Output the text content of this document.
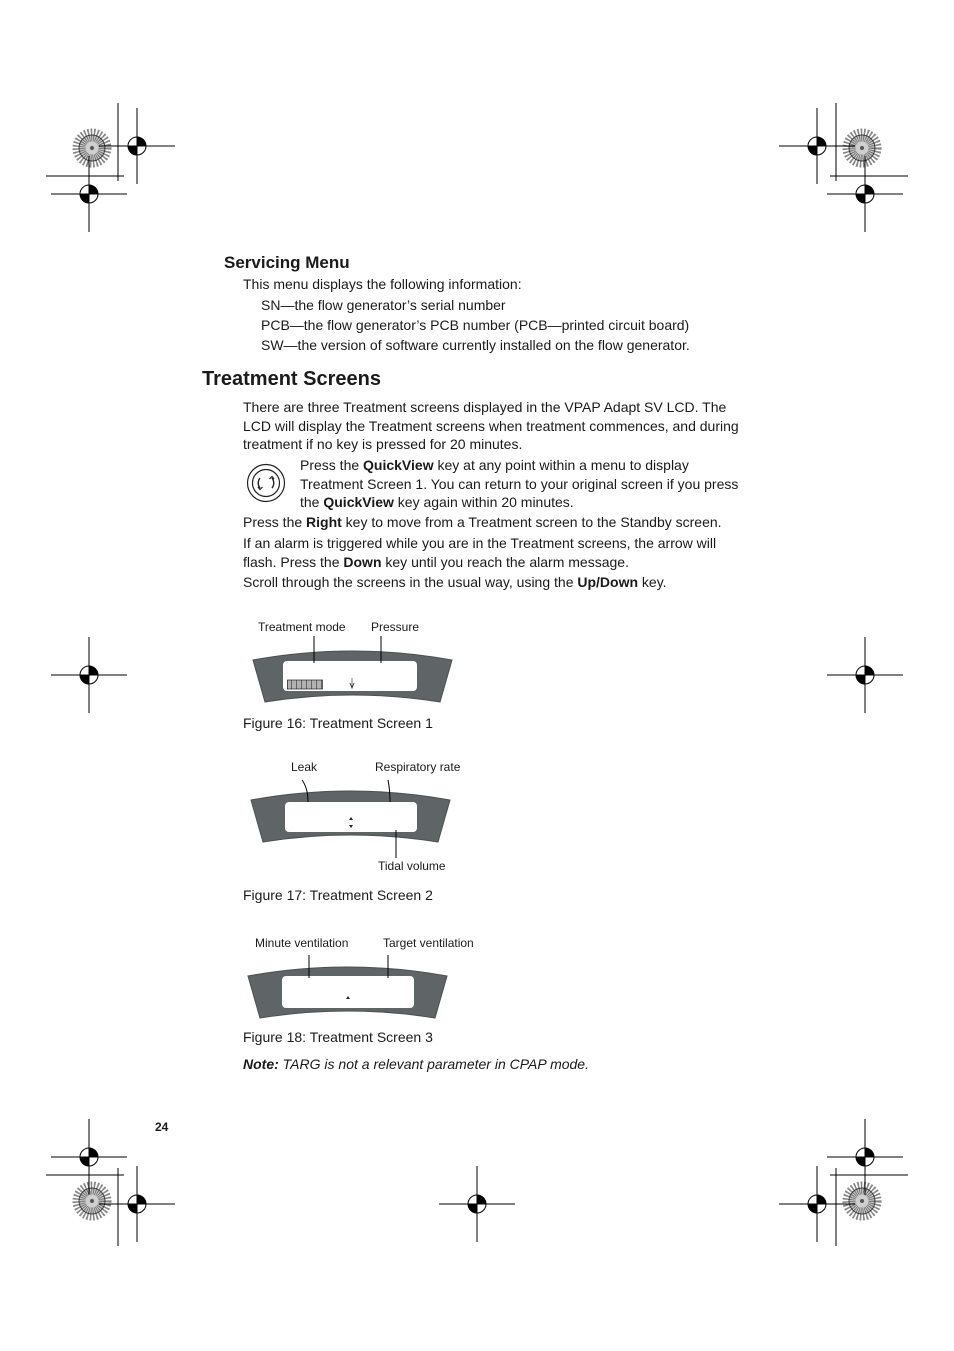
Servicing Menu
This menu displays the following information:
SN—the flow generator’s serial number
PCB—the flow generator’s PCB number (PCB—printed circuit board)
SW—the version of software currently installed on the flow generator.
Treatment Screens
There are three Treatment screens displayed in the VPAP Adapt SV LCD. The LCD will display the Treatment screens when treatment commences, and during treatment if no key is pressed for 20 minutes.
Press the QuickView key at any point within a menu to display Treatment Screen 1. You can return to your original screen if you press the QuickView key again within 20 minutes.
Press the Right key to move from a Treatment screen to the Standby screen.
If an alarm is triggered while you are in the Treatment screens, the arrow will flash. Press the Down key until you reach the alarm message.
Scroll through the screens in the usual way, using the Up/Down key.
Treatment mode Pressure
Figure 16: Treatment Screen 1
Leak	Respiratory rate
Tidal volume
Figure 17: Treatment Screen 2
Minute ventilation	Target ventilation
Figure 18: Treatment Screen 3
Note: TARG is not a relevant parameter in CPAP mode.
24
